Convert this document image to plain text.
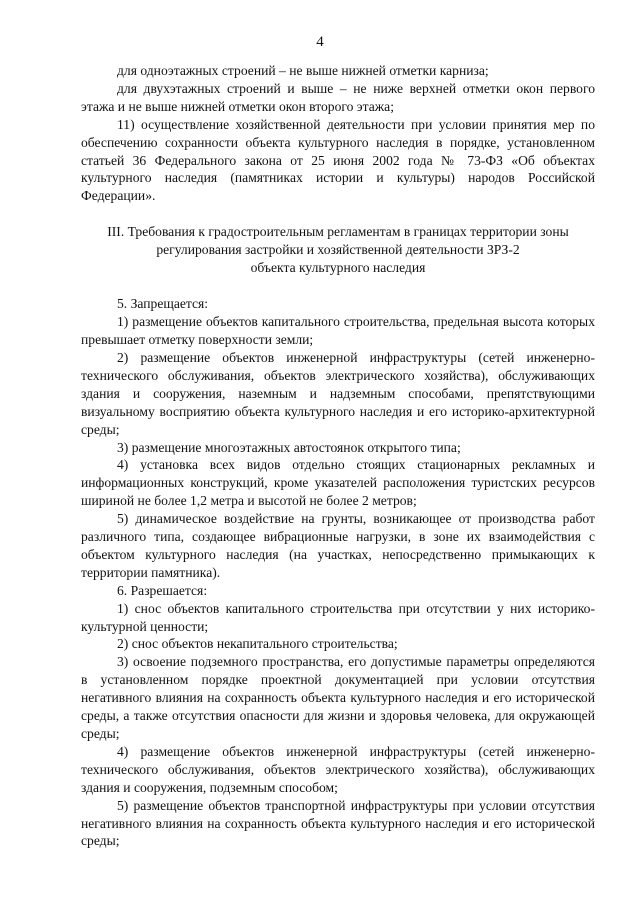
4

для одноэтажных строений – не выше нижней отметки карниза;

для двухэтажных строений и выше – не ниже верхней отметки окон первого этажа и не выше нижней отметки окон второго этажа;

11) осуществление хозяйственной деятельности при условии принятия мер по обеспечению сохранности объекта культурного наследия в порядке, установленном статьей 36 Федерального закона от 25 июня 2002 года № 73-ФЗ «Об объектах культурного наследия (памятниках истории и культуры) народов Российской Федерации».

III. Требования к градостроительным регламентам в границах территории зоны
регулирования застройки и хозяйственной деятельности ЗРЗ-2
объекта культурного наследия

5. Запрещается:

1) размещение объектов капитального строительства, предельная высота которых превышает отметку поверхности земли;

2) размещение объектов инженерной инфраструктуры (сетей инженерно-технического обслуживания, объектов электрического хозяйства), обслуживающих здания и сооружения, наземным и надземным способами, препятствующими визуальному восприятию объекта культурного наследия и его историко-архитектурной среды;

3) размещение многоэтажных автостоянок открытого типа;

4) установка всех видов отдельно стоящих стационарных рекламных и информационных конструкций, кроме указателей расположения туристских ресурсов шириной не более 1,2 метра и высотой не более 2 метров;

5) динамическое воздействие на грунты, возникающее от производства работ различного типа, создающее вибрационные нагрузки, в зоне их взаимодействия с объектом культурного наследия (на участках, непосредственно примыкающих к территории памятника).

6. Разрешается:

1) снос объектов капитального строительства при отсутствии у них историко-культурной ценности;

2) снос объектов некапитального строительства;

3) освоение подземного пространства, его допустимые параметры определяются в установленном порядке проектной документацией при условии отсутствия негативного влияния на сохранность объекта культурного наследия и его исторической среды, а также отсутствия опасности для жизни и здоровья человека, для окружающей среды;

4) размещение объектов инженерной инфраструктуры (сетей инженерно-технического обслуживания, объектов электрического хозяйства), обслуживающих здания и сооружения, подземным способом;

5) размещение объектов транспортной инфраструктуры при условии отсутствия негативного влияния на сохранность объекта культурного наследия и его исторической среды;
